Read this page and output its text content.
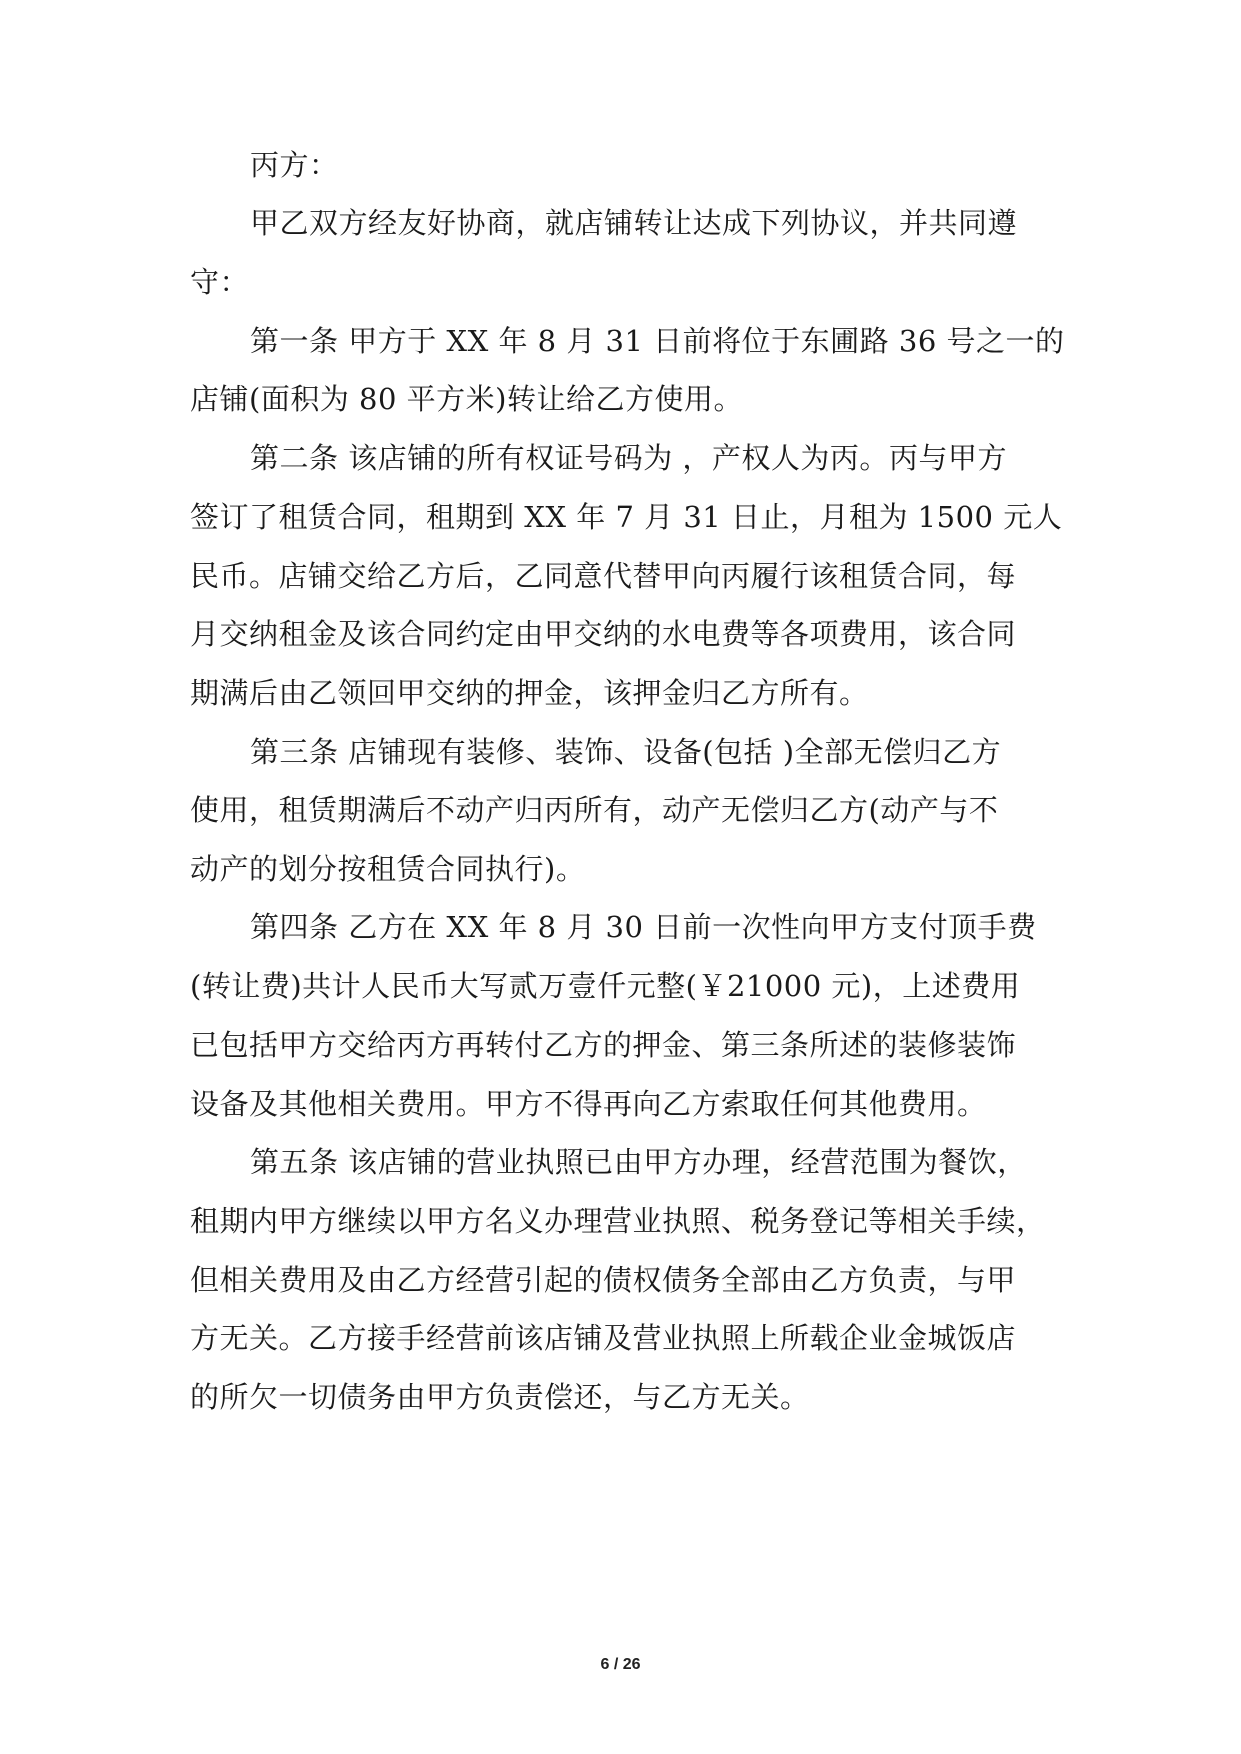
丙方：
甲乙双方经友好协商，就店铺转让达成下列协议，并共同遵
守：
第一条 甲方于 XX 年 8 月 31 日前将位于东圃路 36 号之一的
店铺(面积为 80 平方米)转让给乙方使用。
第二条 该店铺的所有权证号码为 ，产权人为丙。丙与甲方
签订了租赁合同，租期到 XX 年 7 月 31 日止，月租为 1500 元人
民币。店铺交给乙方后，乙同意代替甲向丙履行该租赁合同，每
月交纳租金及该合同约定由甲交纳的水电费等各项费用，该合同
期满后由乙领回甲交纳的押金，该押金归乙方所有。
第三条 店铺现有装修、装饰、设备(包括 )全部无偿归乙方
使用，租赁期满后不动产归丙所有，动产无偿归乙方(动产与不
动产的划分按租赁合同执行)。
第四条 乙方在 XX 年 8 月 30 日前一次性向甲方支付顶手费
(转让费)共计人民币大写贰万壹仟元整(￥21000 元)，上述费用
已包括甲方交给丙方再转付乙方的押金、第三条所述的装修装饰
设备及其他相关费用。甲方不得再向乙方索取任何其他费用。
第五条 该店铺的营业执照已由甲方办理，经营范围为餐饮，
租期内甲方继续以甲方名义办理营业执照、税务登记等相关手续，
但相关费用及由乙方经营引起的债权债务全部由乙方负责，与甲
方无关。乙方接手经营前该店铺及营业执照上所载企业金城饭店
的所欠一切债务由甲方负责偿还，与乙方无关。
6 / 26
